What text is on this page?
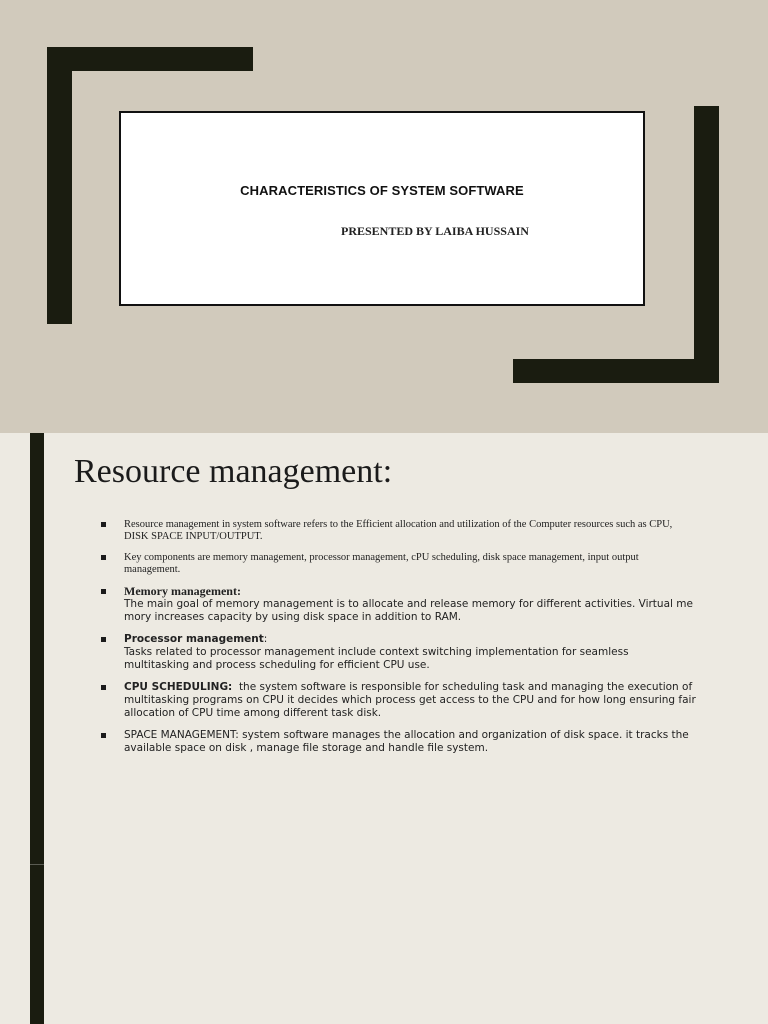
CHARACTERISTICS OF SYSTEM SOFTWARE
PRESENTED BY LAIBA HUSSAIN
Resource management:
Resource management in system software refers to the Efficient allocation and utilization of the Computer resources such as CPU, DISK SPACE INPUT/OUTPUT.
Key components are memory management, processor management, cPU scheduling, disk space management, input output management.
Memory management:
The main goal of memory management is to allocate and release memory for different activities. Virtual me mory increases capacity by using disk space in addition to RAM.
Processor management:
Tasks related to processor management include context switching implementation for seamless multitasking and process scheduling for efficient CPU use.
CPU SCHEDULING:  the system software is responsible for scheduling task and managing the execution of multitasking programs on CPU it decides which process get access to the CPU and for how long ensuring fair allocation of CPU time among different task disk.
SPACE MANAGEMENT: system software manages the allocation and organization of disk space. it tracks the available space on disk , manage file storage and handle file system.
